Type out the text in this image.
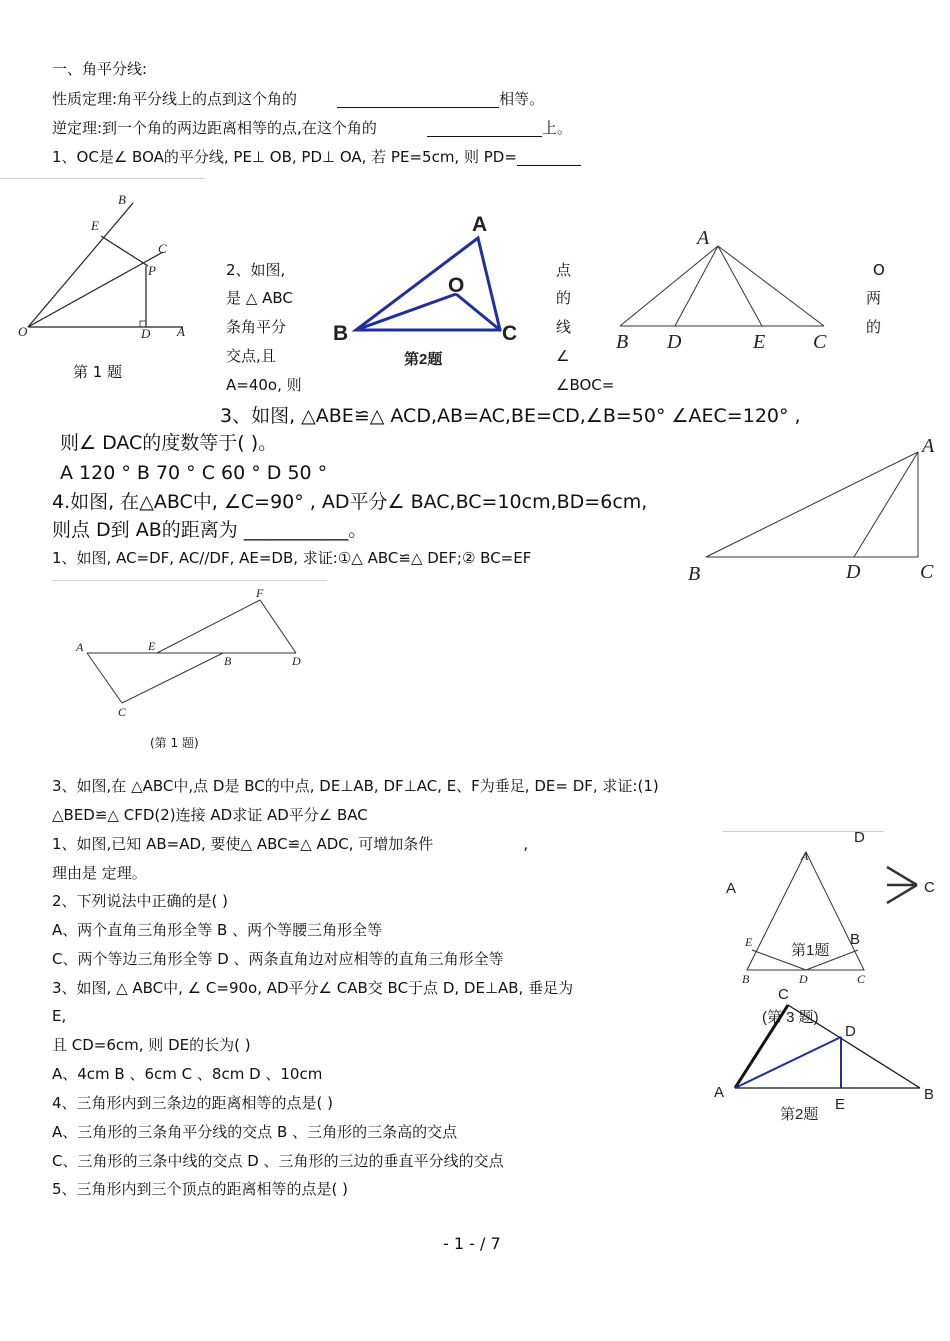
一、角平分线:
性质定理:角平分线上的点到这个角的	相等。
逆定理:到一个角的两边距离相等的点,在这个角的	上。
1、OC是∠ BOA的平分线, PE⊥ OB, PD⊥ OA, 若 PE=5cm, 则 PD=
B
E
C
P
O	D A
第 1 题
2、如图,
是 △ ABC
条角平分
交点,且
A=40o, 则
点
的
线
∠
∠BOC=
O
两
的
A
O
B	C
第2题
A
B D	E C
3、如图, △ABE≌△ ACD,AB=AC,BE=CD,∠B=50° ∠AEC=120° ,
则∠ DAC的度数等于( )。
A 120 ° B 70 ° C 60 ° D 50 °
4.如图, 在△ABC中, ∠C=90° , AD平分∠ BAC,BC=10cm,BD=6cm,
则点 D到 AB的距离为 ___________。
A
B	D	C
1、如图, AC=DF, AC//DF, AE=DB, 求证:①△ ABC≌△ DEF;② BC=EF
F
A	E
B	D
C
(第 1 题)
3、如图,在 △ABC中,点 D是 BC的中点, DE⊥AB, DF⊥AC, E、F为垂足, DE= DF, 求证:(1)
△BED≌△ CFD(2)连接 AD求证 AD平分∠ BAC
1、如图,已知 AB=AD, 要使△ ABC≌△ ADC, 可增加条件	,
理由是 定理。
2、下列说法中正确的是( )
A、两个直角三角形全等 B 、两个等腰三角形全等
C、两个等边三角形全等 D 、两条直角边对应相等的直角三角形全等
3、如图, △ ABC中, ∠ C=90o, AD平分∠ CAB交 BC于点 D, DE⊥AB, 垂足为
E,
且 CD=6cm, 则 DE的长为( )
A、4cm B 、6cm C 、8cm D 、10cm
4、三角形内到三条边的距离相等的点是( )
A、三角形的三条角平分线的交点 B 、三角形的三条高的交点
C、三角形的三条中线的交点 D 、三角形的三边的垂直平分线的交点
5、三角形内到三个顶点的距离相等的点是( )
D
A	C
A
E	B
B	D	C
第1题
(第 3 题)
C
D
A	B
E
第2题
- 1 - / 7
